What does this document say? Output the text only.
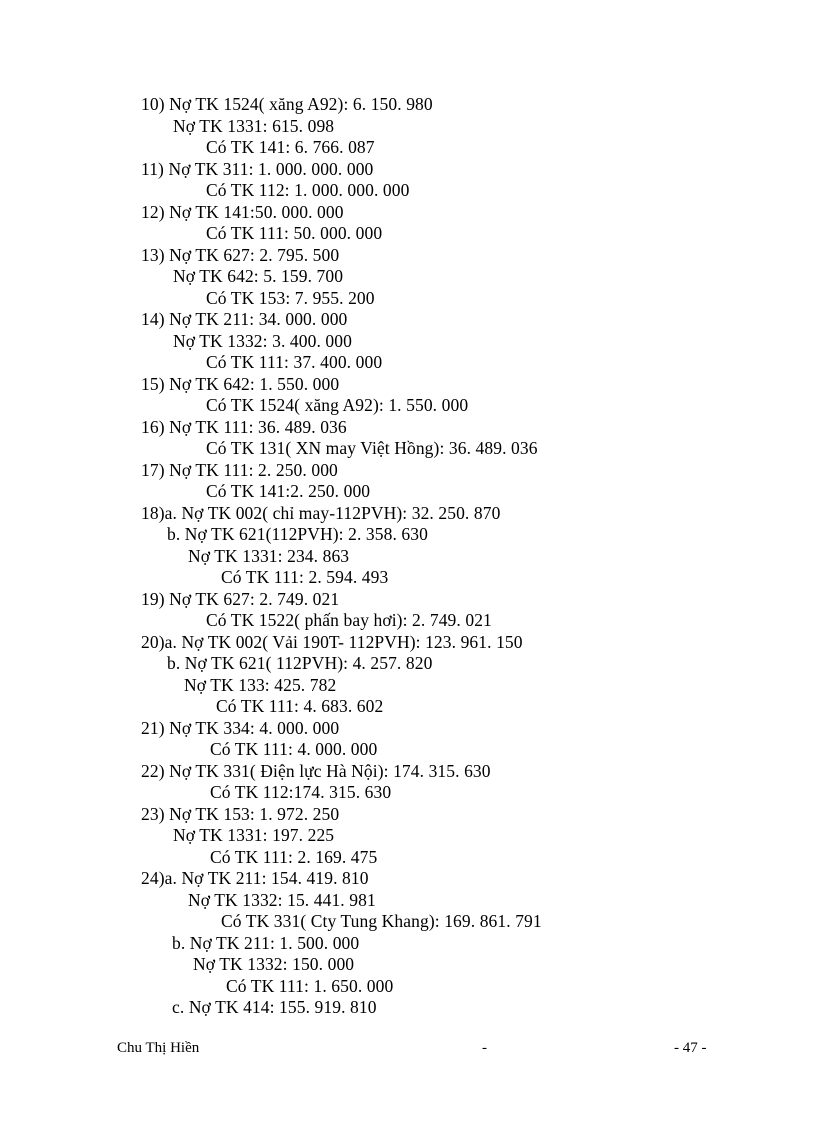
10) Nợ TK 1524( xăng A92): 6. 150. 980
Nợ TK 1331: 615. 098
Có TK 141: 6. 766. 087
11) Nợ TK 311: 1. 000. 000. 000
Có TK 112: 1. 000. 000. 000
12) Nợ TK 141:50. 000. 000
Có TK 111: 50. 000. 000
13) Nợ TK 627: 2. 795. 500
Nợ TK 642: 5. 159. 700
Có TK 153: 7. 955. 200
14) Nợ TK 211: 34. 000. 000
Nợ TK 1332: 3. 400. 000
Có TK 111: 37. 400. 000
15) Nợ TK 642: 1. 550. 000
Có TK 1524( xăng A92): 1. 550. 000
16) Nợ TK 111: 36. 489. 036
Có TK 131( XN may Việt Hồng): 36. 489. 036
17) Nợ TK 111: 2. 250. 000
Có TK 141:2. 250. 000
18)a. Nợ TK 002( chỉ may-112PVH): 32. 250. 870
b. Nợ TK 621(112PVH): 2. 358. 630
Nợ TK 1331: 234. 863
Có TK 111: 2. 594. 493
19) Nợ TK 627: 2. 749. 021
Có TK 1522( phấn bay hơi): 2. 749. 021
20)a. Nợ TK 002( Vải 190T- 112PVH): 123. 961. 150
b. Nợ TK 621( 112PVH): 4. 257. 820
Nợ TK 133: 425. 782
Có TK 111: 4. 683. 602
21) Nợ TK 334: 4. 000. 000
Có TK 111: 4. 000. 000
22) Nợ TK 331( Điện lực Hà Nội): 174. 315. 630
Có TK 112:174. 315. 630
23) Nợ TK 153: 1. 972. 250
Nợ TK 1331: 197. 225
Có TK 111: 2. 169. 475
24)a. Nợ TK 211: 154. 419. 810
Nợ TK 1332: 15. 441. 981
Có TK 331( Cty Tung Khang): 169. 861. 791
b. Nợ TK 211: 1. 500. 000
Nợ TK 1332: 150. 000
Có TK 111: 1. 650. 000
c. Nợ TK 414: 155. 919. 810
Chu Thị Hiền	-	- 47 -
